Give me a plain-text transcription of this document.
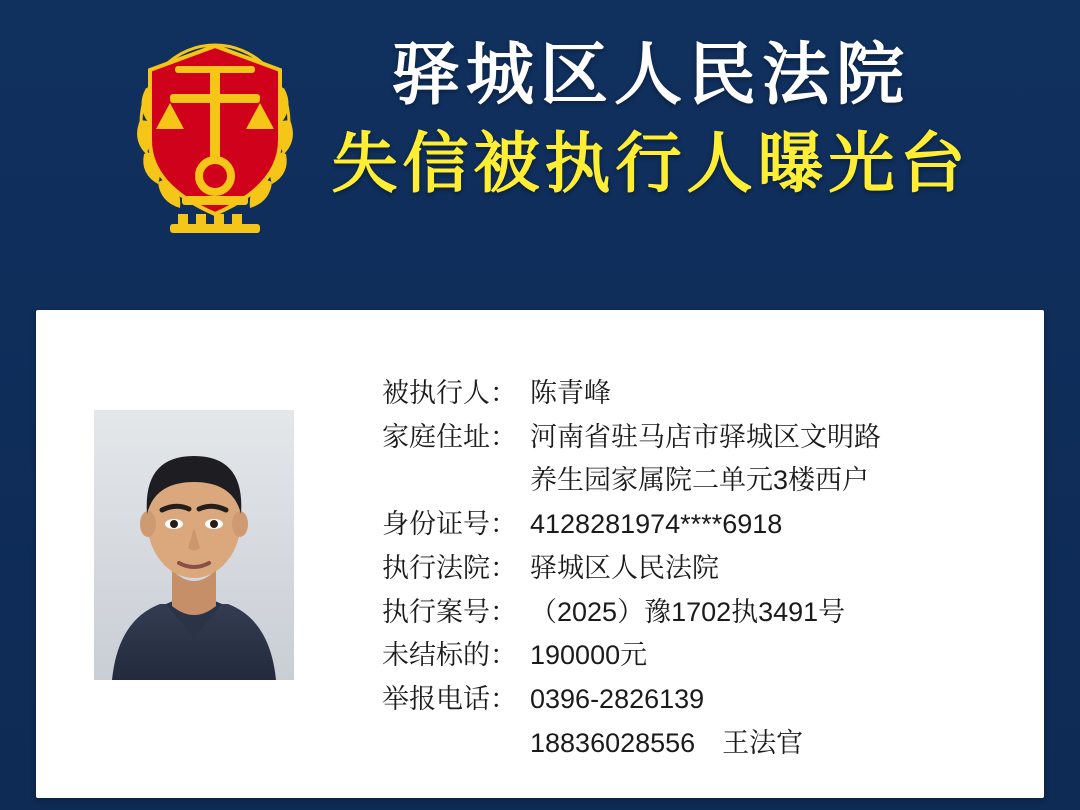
驿城区人民法院
失信被执行人曝光台
被执行人： 陈青峰
家庭住址： 河南省驻马店市驿城区文明路
养生园家属院二单元3楼西户
身份证号： 4128281974****6918
执行法院： 驿城区人民法院
执行案号： （2025）豫1702执3491号
未结标的： 190000元
举报电话： 0396-2826139
18836028556　王法官
